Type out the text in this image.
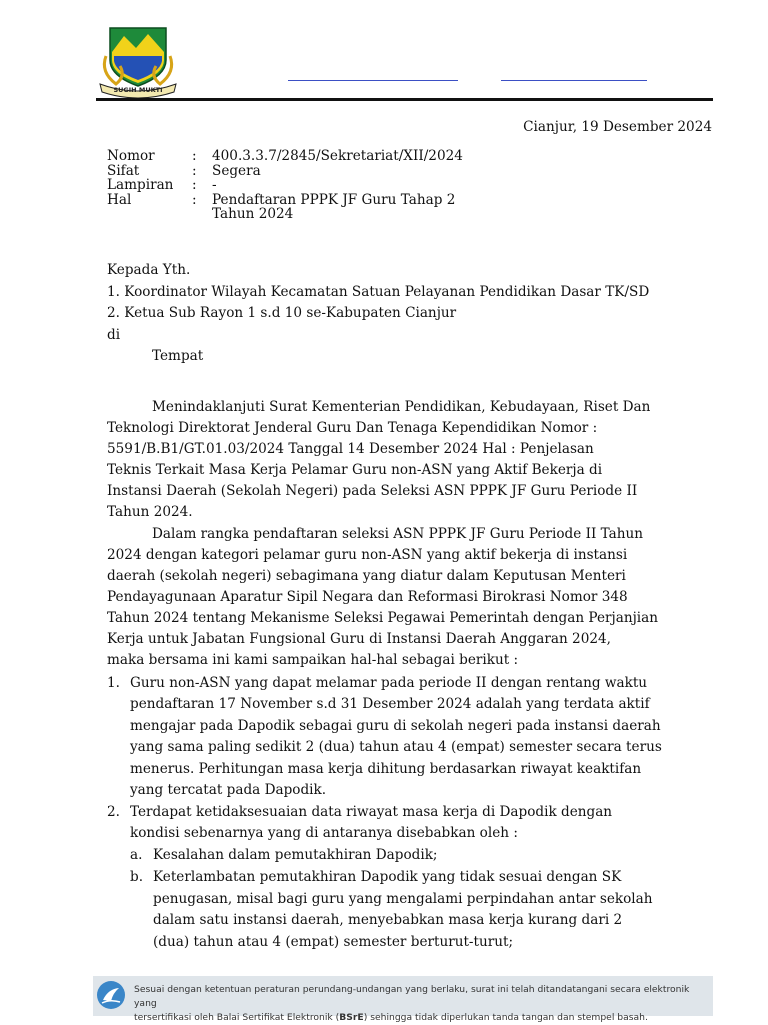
SUGIH MUKTI
Cianjur, 19 Desember 2024
Nomor	: 400.3.3.7/2845/Sekretariat/XII/2024
Sifat	: Segera
Lampiran : -
Hal	: Pendaftaran PPPK JF Guru Tahap 2
Tahun 2024
Kepada Yth.
1. Koordinator Wilayah Kecamatan Satuan Pelayanan Pendidikan Dasar TK/SD
2. Ketua Sub Rayon 1 s.d 10 se-Kabupaten Cianjur
di
Tempat
Menindaklanjuti Surat Kementerian Pendidikan, Kebudayaan, Riset Dan
Teknologi Direktorat Jenderal Guru Dan Tenaga Kependidikan Nomor :
5591/B.B1/GT.01.03/2024 Tanggal 14 Desember 2024 Hal : Penjelasan
Teknis Terkait Masa Kerja Pelamar Guru non-ASN yang Aktif Bekerja di
Instansi Daerah (Sekolah Negeri) pada Seleksi ASN PPPK JF Guru Periode II
Tahun 2024.
Dalam rangka pendaftaran seleksi ASN PPPK JF Guru Periode II Tahun
2024 dengan kategori pelamar guru non-ASN yang aktif bekerja di instansi
daerah (sekolah negeri) sebagimana yang diatur dalam Keputusan Menteri
Pendayagunaan Aparatur Sipil Negara dan Reformasi Birokrasi Nomor 348
Tahun 2024 tentang Mekanisme Seleksi Pegawai Pemerintah dengan Perjanjian
Kerja untuk Jabatan Fungsional Guru di Instansi Daerah Anggaran 2024,
maka bersama ini kami sampaikan hal-hal sebagai berikut :
1. Guru non-ASN yang dapat melamar pada periode II dengan rentang waktu
pendaftaran 17 November s.d 31 Desember 2024 adalah yang terdata aktif
mengajar pada Dapodik sebagai guru di sekolah negeri pada instansi daerah
yang sama paling sedikit 2 (dua) tahun atau 4 (empat) semester secara terus
menerus. Perhitungan masa kerja dihitung berdasarkan riwayat keaktifan
yang tercatat pada Dapodik.
2. Terdapat ketidaksesuaian data riwayat masa kerja di Dapodik dengan
kondisi sebenarnya yang di antaranya disebabkan oleh :
a. Kesalahan dalam pemutakhiran Dapodik;
b. Keterlambatan pemutakhiran Dapodik yang tidak sesuai dengan SK
penugasan, misal bagi guru yang mengalami perpindahan antar sekolah
dalam satu instansi daerah, menyebabkan masa kerja kurang dari 2
(dua) tahun atau 4 (empat) semester berturut-turut;
Sesuai dengan ketentuan peraturan perundang-undangan yang berlaku, surat ini telah ditandatangani secara elektronik yang
tersertifikasi oleh Balai Sertifikat Elektronik (BSrE) sehingga tidak diperlukan tanda tangan dan stempel basah.
